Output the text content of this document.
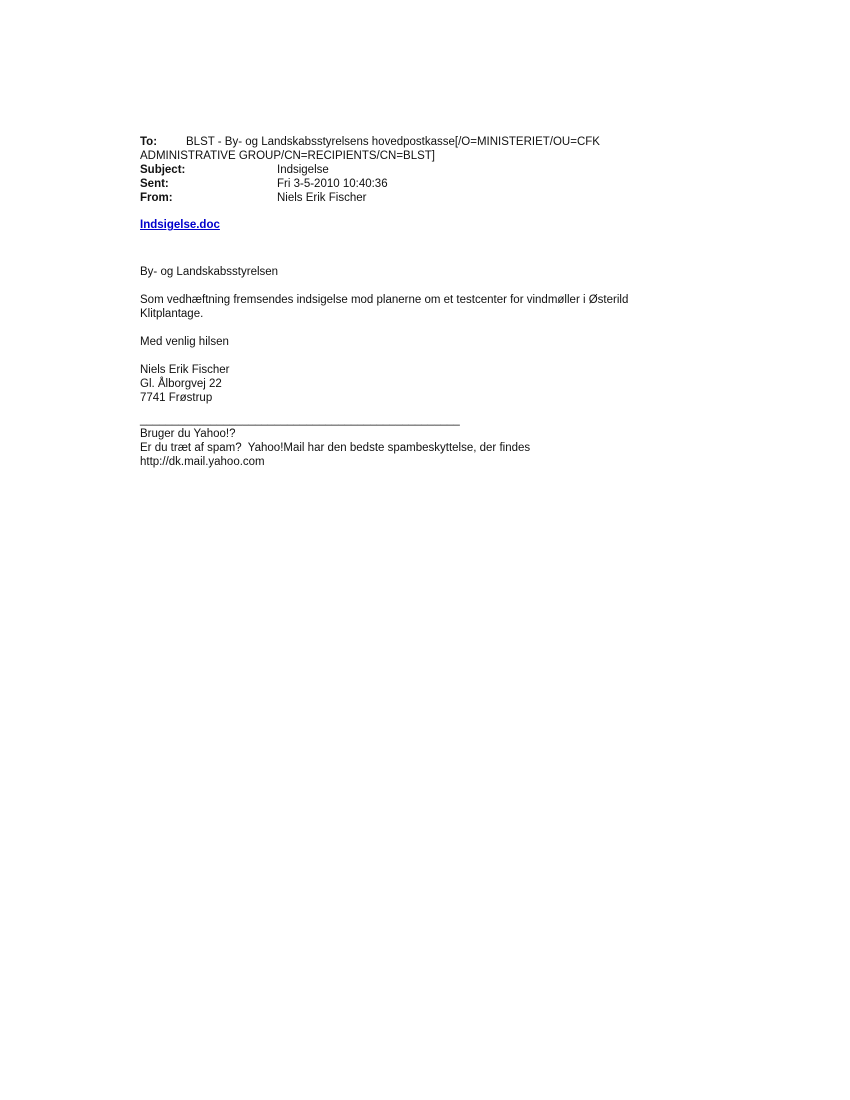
To:	BLST - By- og Landskabsstyrelsens hovedpostkasse[/O=MINISTERIET/OU=CFK
ADMINISTRATIVE GROUP/CN=RECIPIENTS/CN=BLST]
Subject:	Indsigelse
Sent:	Fri 3-5-2010 10:40:36
From:	Niels Erik Fischer
Indsigelse.doc
By- og Landskabsstyrelsen
Som vedhæftning fremsendes indsigelse mod planerne om et testcenter for vindmøller i Østerild
Klitplantage.
Med venlig hilsen
Niels Erik Fischer
Gl. Ålborgvej 22
7741 Frøstrup
__________________________________________________
Bruger du Yahoo!?
Er du træt af spam?  Yahoo!Mail har den bedste spambeskyttelse, der findes
http://dk.mail.yahoo.com
